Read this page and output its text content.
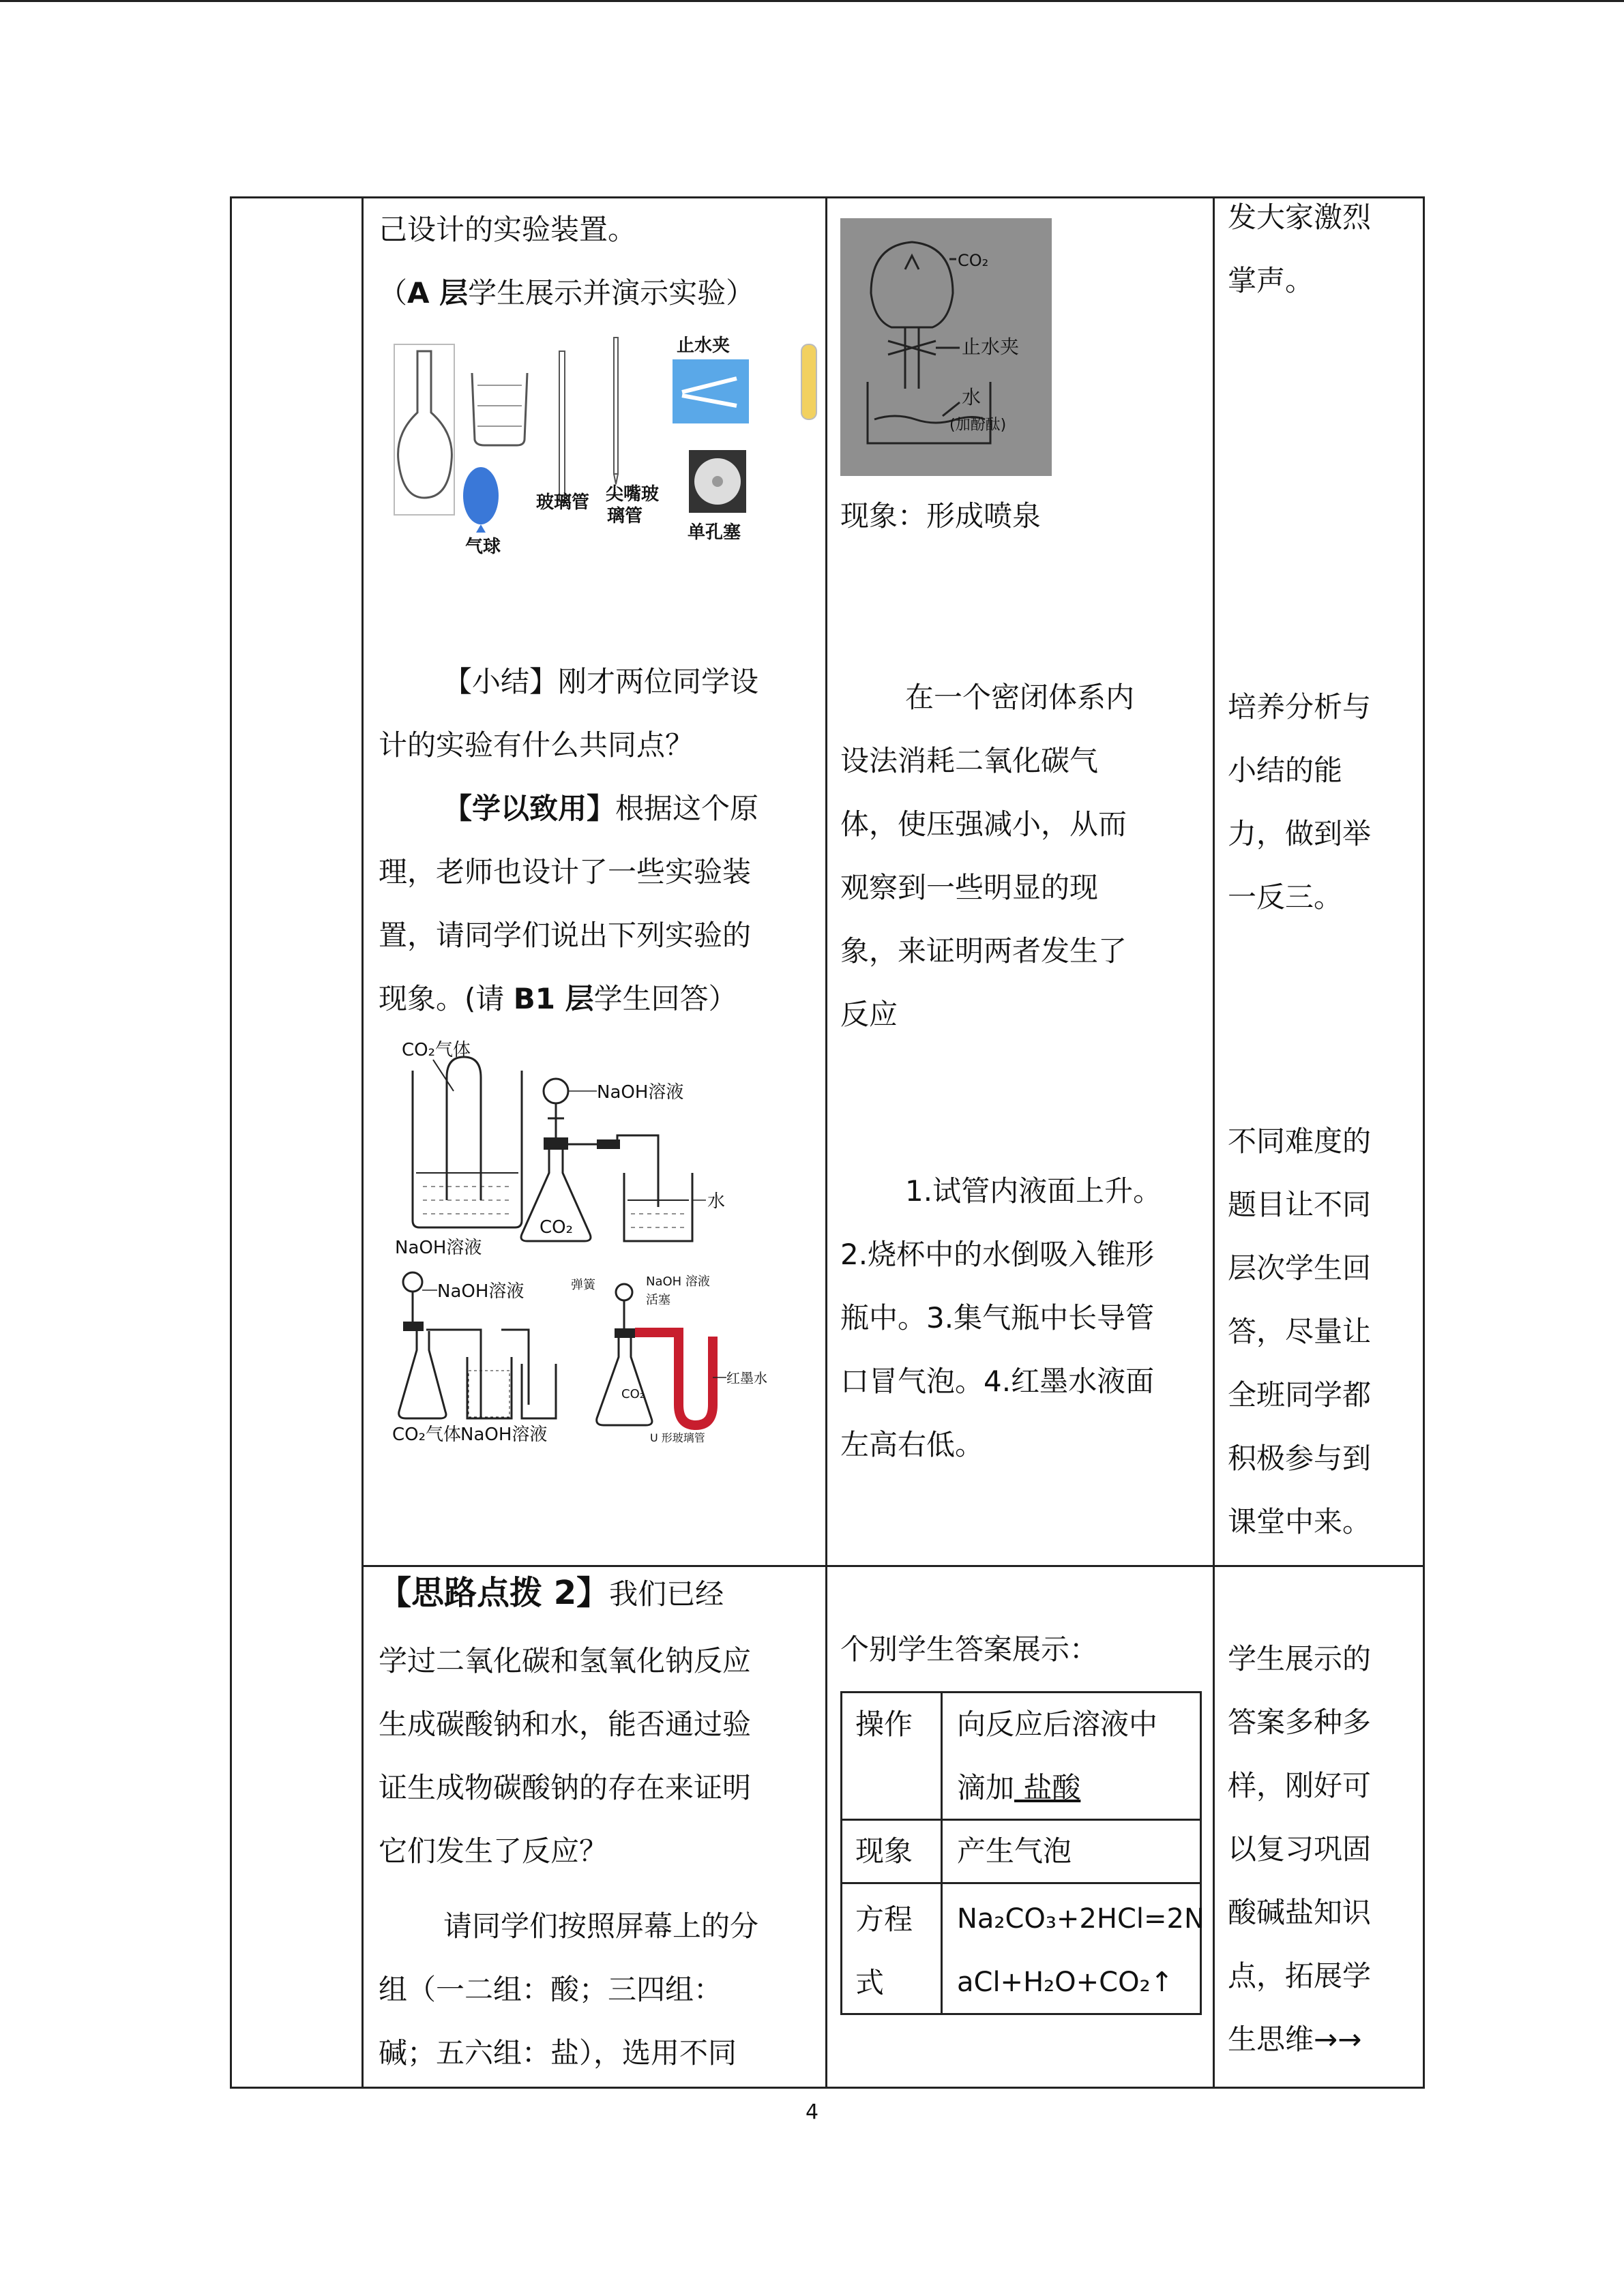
己设计的实验装置。
（A 层学生展示并演示实验）
气球
玻璃管 尖嘴玻
璃管
止水夹
单孔塞
【小结】刚才两位同学设
计的实验有什么共同点？
【学以致用】根据这个原
理，老师也设计了一些实验装
置，请同学们说出下列实验的
现象。(请 B1 层学生回答）
CO₂气体
NaOH溶液
NaOH溶液
CO₂
水
NaOH溶液
CO₂气体
NaOH溶液
弹簧	NaOH 溶液
活塞
CO₂
红墨水
U 形玻璃管
【思路点拨 2】我们已经
学过二氧化碳和氢氧化钠反应
生成碳酸钠和水，能否通过验
证生成物碳酸钠的存在来证明
它们发生了反应？
请同学们按照屏幕上的分
组（一二组：酸；三四组：
碱；五六组：盐），选用不同
CO₂
止水夹
水
(加酚酞)
现象：形成喷泉
在一个密闭体系内
设法消耗二氧化碳气
体，使压强减小，从而
观察到一些明显的现
象，来证明两者发生了
反应
1.试管内液面上升。
2.烧杯中的水倒吸入锥形
瓶中。3.集气瓶中长导管
口冒气泡。4.红墨水液面
左高右低。
个别学生答案展示：
操作 向反应后溶液中
滴加 盐酸
现象 产生气泡
方程
式
Na₂CO₃+2HCl=2N
aCl+H₂O+CO₂↑
发大家激烈
掌声。
培养分析与
小结的能
力，做到举
一反三。
不同难度的
题目让不同
层次学生回
答，尽量让
全班同学都
积极参与到
课堂中来。
学生展示的
答案多种多
样，刚好可
以复习巩固
酸碱盐知识
点，拓展学
生思维→→
4
